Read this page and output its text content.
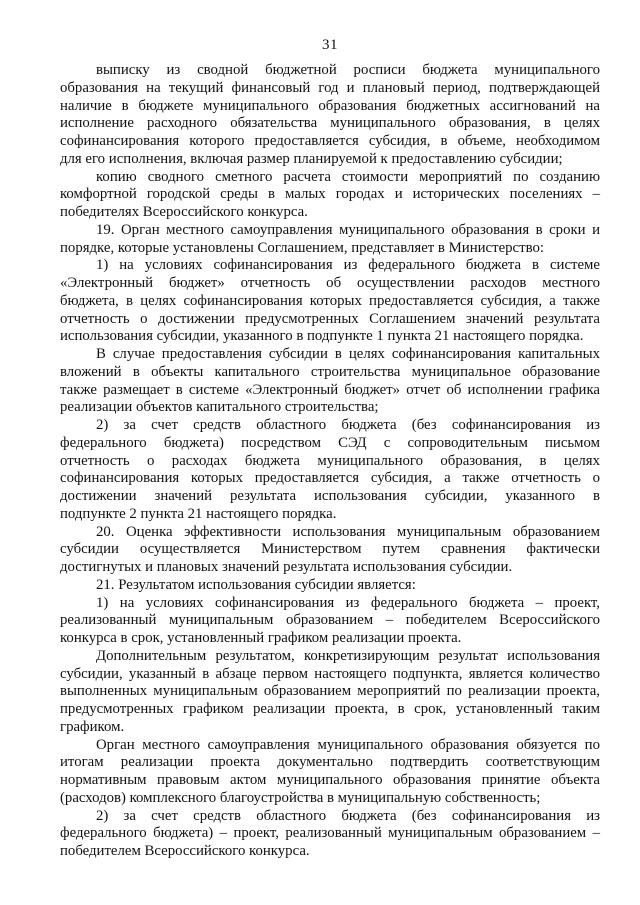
31
выписку из сводной бюджетной росписи бюджета муниципального
образования на текущий финансовый год и плановый период, подтверждающей
наличие в бюджете муниципального образования бюджетных ассигнований на
исполнение расходного обязательства муниципального образования, в целях
софинансирования которого предоставляется субсидия, в объеме, необходимом
для его исполнения, включая размер планируемой к предоставлению субсидии;
копию сводного сметного расчета стоимости мероприятий по созданию
комфортной городской среды в малых городах и исторических поселениях –
победителях Всероссийского конкурса.
19. Орган местного самоуправления муниципального образования в сроки и
порядке, которые установлены Соглашением, представляет в Министерство:
1) на условиях софинансирования из федерального бюджета в системе
«Электронный бюджет» отчетность об осуществлении расходов местного
бюджета, в целях софинансирования которых предоставляется субсидия, а также
отчетность о достижении предусмотренных Соглашением значений результата
использования субсидии, указанного в подпункте 1 пункта 21 настоящего порядка.
В случае предоставления субсидии в целях софинансирования капитальных
вложений в объекты капитального строительства муниципальное образование
также размещает в системе «Электронный бюджет» отчет об исполнении графика
реализации объектов капитального строительства;
2) за счет средств областного бюджета (без софинансирования из
федерального бюджета) посредством СЭД с сопроводительным письмом
отчетность о расходах бюджета муниципального образования, в целях
софинансирования которых предоставляется субсидия, а также отчетность о
достижении значений результата использования субсидии, указанного в
подпункте 2 пункта 21 настоящего порядка.
20. Оценка эффективности использования муниципальным образованием
субсидии осуществляется Министерством путем сравнения фактически
достигнутых и плановых значений результата использования субсидии.
21. Результатом использования субсидии является:
1) на условиях софинансирования из федерального бюджета – проект,
реализованный муниципальным образованием – победителем Всероссийского
конкурса в срок, установленный графиком реализации проекта.
Дополнительным результатом, конкретизирующим результат использования
субсидии, указанный в абзаце первом настоящего подпункта, является количество
выполненных муниципальным образованием мероприятий по реализации проекта,
предусмотренных графиком реализации проекта, в срок, установленный таким
графиком.
Орган местного самоуправления муниципального образования обязуется по
итогам реализации проекта документально подтвердить соответствующим
нормативным правовым актом муниципального образования принятие объекта
(расходов) комплексного благоустройства в муниципальную собственность;
2) за счет средств областного бюджета (без софинансирования из
федерального бюджета) – проект, реализованный муниципальным образованием –
победителем Всероссийского конкурса.
